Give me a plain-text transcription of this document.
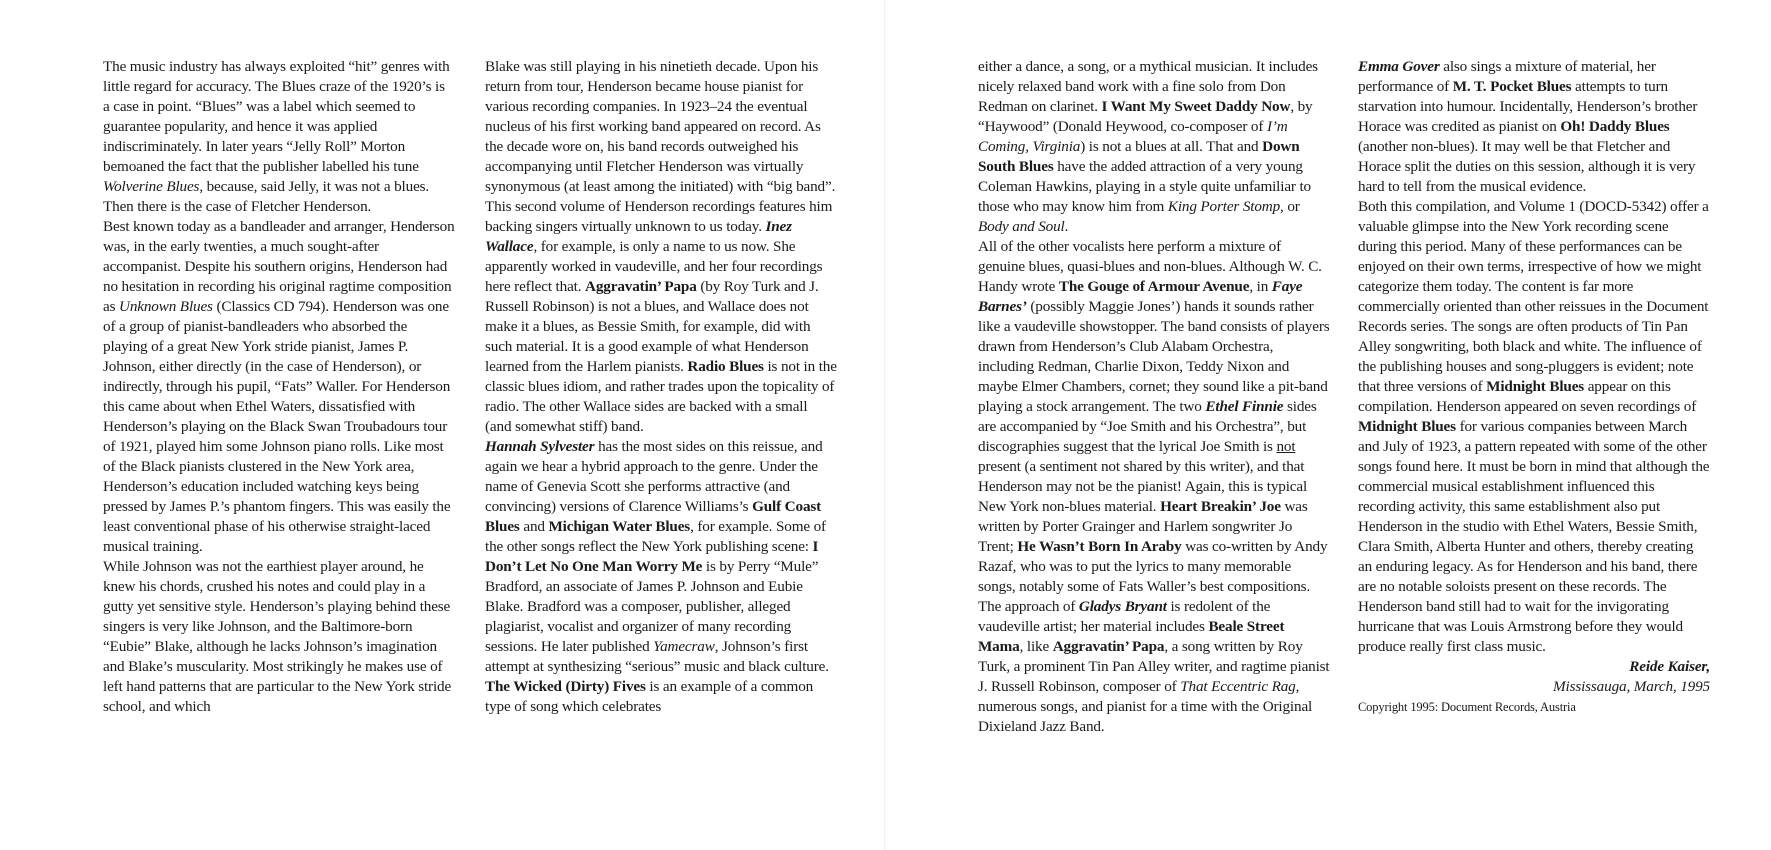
The music industry has always exploited “hit” genres with little regard for accuracy. The Blues craze of the 1920’s is a case in point. “Blues” was a label which seemed to guarantee popularity, and hence it was applied indiscriminately. In later years “Jelly Roll” Morton bemoaned the fact that the publisher labelled his tune Wolverine Blues, because, said Jelly, it was not a blues. Then there is the case of Fletcher Henderson.

Best known today as a bandleader and arranger, Henderson was, in the early twenties, a much sought-after accompanist. Despite his southern origins, Henderson had no hesitation in recording his original ragtime composition as Unknown Blues (Classics CD 794). Henderson was one of a group of pianist-bandleaders who absorbed the playing of a great New York stride pianist, James P. Johnson, either directly (in the case of Henderson), or indirectly, through his pupil, “Fats” Waller. For Henderson this came about when Ethel Waters, dissatisfied with Henderson’s playing on the Black Swan Troubadours tour of 1921, played him some Johnson piano rolls. Like most of the Black pianists clustered in the New York area, Henderson’s education included watching keys being pressed by James P.’s phantom fingers. This was easily the least conventional phase of his otherwise straight-laced musical training.

While Johnson was not the earthiest player around, he knew his chords, crushed his notes and could play in a gutty yet sensitive style. Henderson’s playing behind these singers is very like Johnson, and the Baltimore-born “Eubie” Blake, although he lacks Johnson’s imagination and Blake’s muscularity. Most strikingly he makes use of left hand patterns that are particular to the New York stride school, and which

Blake was still playing in his ninetieth decade. Upon his return from tour, Henderson became house pianist for various recording companies. In 1923–24 the eventual nucleus of his first working band appeared on record. As the decade wore on, his band records outweighed his accompanying until Fletcher Henderson was virtually synonymous (at least among the initiated) with “big band”.

This second volume of Henderson recordings features him backing singers virtually unknown to us today. Inez Wallace, for example, is only a name to us now. She apparently worked in vaudeville, and her four recordings here reflect that. Aggravatin’ Papa (by Roy Turk and J. Russell Robinson) is not a blues, and Wallace does not make it a blues, as Bessie Smith, for example, did with such material. It is a good example of what Henderson learned from the Harlem pianists. Radio Blues is not in the classic blues idiom, and rather trades upon the topicality of radio. The other Wallace sides are backed with a small (and somewhat stiff) band.

Hannah Sylvester has the most sides on this reissue, and again we hear a hybrid approach to the genre. Under the name of Genevia Scott she performs attractive (and convincing) versions of Clarence Williams’s Gulf Coast Blues and Michigan Water Blues, for example. Some of the other songs reflect the New York publishing scene: I Don’t Let No One Man Worry Me is by Perry “Mule” Bradford, an associate of James P. Johnson and Eubie Blake. Bradford was a composer, publisher, alleged plagiarist, vocalist and organizer of many recording sessions. He later published Yamecraw, Johnson’s first attempt at synthesizing “serious” music and black culture. The Wicked (Dirty) Fives is an example of a common type of song which celebrates

either a dance, a song, or a mythical musician. It includes nicely relaxed band work with a fine solo from Don Redman on clarinet. I Want My Sweet Daddy Now, by “Haywood” (Donald Heywood, co-composer of I’m Coming, Virginia) is not a blues at all. That and Down South Blues have the added attraction of a very young Coleman Hawkins, playing in a style quite unfamiliar to those who may know him from King Porter Stomp, or Body and Soul.

All of the other vocalists here perform a mixture of genuine blues, quasi-blues and non-blues. Although W. C. Handy wrote The Gouge of Armour Avenue, in Faye Barnes’ (possibly Maggie Jones’) hands it sounds rather like a vaudeville showstopper. The band consists of players drawn from Henderson’s Club Alabam Orchestra, including Redman, Charlie Dixon, Teddy Nixon and maybe Elmer Chambers, cornet; they sound like a pit-band playing a stock arrangement. The two Ethel Finnie sides are accompanied by “Joe Smith and his Orchestra”, but discographies suggest that the lyrical Joe Smith is not present (a sentiment not shared by this writer), and that Henderson may not be the pianist! Again, this is typical New York non-blues material. Heart Breakin’ Joe was written by Porter Grainger and Harlem songwriter Jo Trent; He Wasn’t Born In Araby was co-written by Andy Razaf, who was to put the lyrics to many memorable songs, notably some of Fats Waller’s best compositions.

The approach of Gladys Bryant is redolent of the vaudeville artist; her material includes Beale Street Mama, like Aggravatin’ Papa, a song written by Roy Turk, a prominent Tin Pan Alley writer, and ragtime pianist J. Russell Robinson, composer of That Eccentric Rag, numerous songs, and pianist for a time with the Original Dixieland Jazz Band.

Emma Gover also sings a mixture of material, her performance of M. T. Pocket Blues attempts to turn starvation into humour. Incidentally, Henderson’s brother Horace was credited as pianist on Oh! Daddy Blues (another non-blues). It may well be that Fletcher and Horace split the duties on this session, although it is very hard to tell from the musical evidence.

Both this compilation, and Volume 1 (DOCD-5342) offer a valuable glimpse into the New York recording scene during this period. Many of these performances can be enjoyed on their own terms, irrespective of how we might categorize them today. The content is far more commercially oriented than other reissues in the Document Records series. The songs are often products of Tin Pan Alley songwriting, both black and white. The influence of the publishing houses and song-pluggers is evident; note that three versions of Midnight Blues appear on this compilation. Henderson appeared on seven recordings of Midnight Blues for various companies between March and July of 1923, a pattern repeated with some of the other songs found here. It must be born in mind that although the commercial musical establishment influenced this recording activity, this same establishment also put Henderson in the studio with Ethel Waters, Bessie Smith, Clara Smith, Alberta Hunter and others, thereby creating an enduring legacy. As for Henderson and his band, there are no notable soloists present on these records. The Henderson band still had to wait for the invigorating hurricane that was Louis Armstrong before they would produce really first class music.

Reide Kaiser,

Mississauga, March, 1995

Copyright 1995: Document Records, Austria
